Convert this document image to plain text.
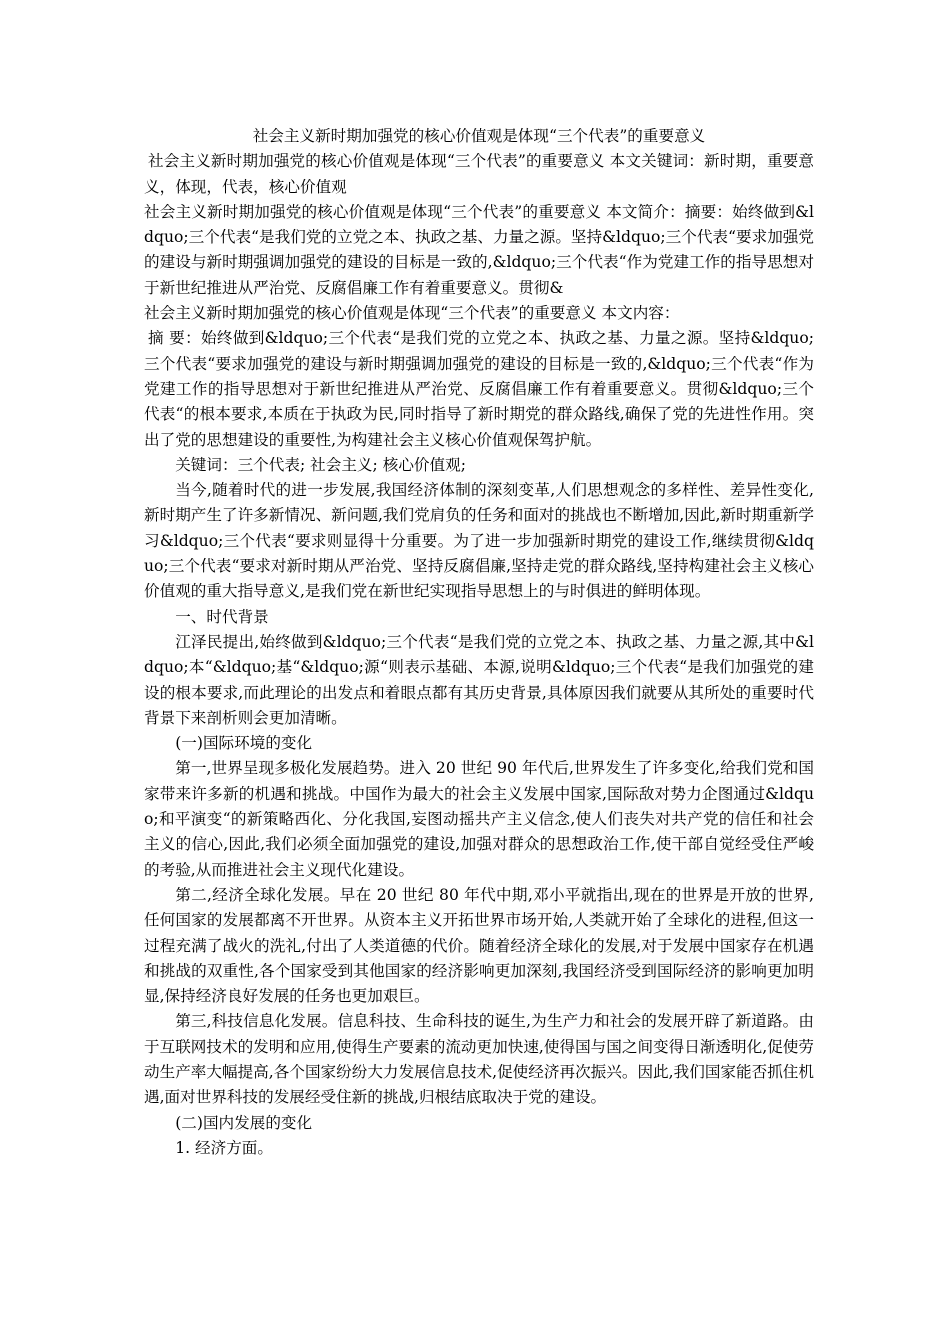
社会主义新时期加强党的核心价值观是体现“三个代表”的重要意义

社会主义新时期加强党的核心价值观是体现“三个代表”的重要意义 本文关键词：新时期，重要意义，体现，代表，核心价值观

社会主义新时期加强党的核心价值观是体现“三个代表”的重要意义 本文简介：摘要：始终做到&ldquo;三个代表“是我们党的立党之本、执政之基、力量之源。坚持&ldquo;三个代表“要求加强党的建设与新时期强调加强党的建设的目标是一致的,&ldquo;三个代表“作为党建工作的指导思想对于新世纪推进从严治党、反腐倡廉工作有着重要意义。贯彻&

社会主义新时期加强党的核心价值观是体现“三个代表”的重要意义 本文内容：

摘 要：始终做到&ldquo;三个代表“是我们党的立党之本、执政之基、力量之源。坚持&ldquo;三个代表“要求加强党的建设与新时期强调加强党的建设的目标是一致的,&ldquo;三个代表“作为党建工作的指导思想对于新世纪推进从严治党、反腐倡廉工作有着重要意义。贯彻&ldquo;三个代表“的根本要求,本质在于执政为民,同时指导了新时期党的群众路线,确保了党的先进性作用。突出了党的思想建设的重要性,为构建社会主义核心价值观保驾护航。

关键词：三个代表; 社会主义; 核心价值观;

当今,随着时代的进一步发展,我国经济体制的深刻变革,人们思想观念的多样性、差异性变化,新时期产生了许多新情况、新问题,我们党肩负的任务和面对的挑战也不断增加,因此,新时期重新学习&ldquo;三个代表“要求则显得十分重要。为了进一步加强新时期党的建设工作,继续贯彻&ldquo;三个代表“要求对新时期从严治党、坚持反腐倡廉,坚持走党的群众路线,坚持构建社会主义核心价值观的重大指导意义,是我们党在新世纪实现指导思想上的与时俱进的鲜明体现。

一、时代背景

江泽民提出,始终做到&ldquo;三个代表“是我们党的立党之本、执政之基、力量之源,其中&ldquo;本“&ldquo;基“&ldquo;源“则表示基础、本源,说明&ldquo;三个代表“是我们加强党的建设的根本要求,而此理论的出发点和着眼点都有其历史背景,具体原因我们就要从其所处的重要时代背景下来剖析则会更加清晰。

(一)国际环境的变化

第一,世界呈现多极化发展趋势。进入 20 世纪 90 年代后,世界发生了许多变化,给我们党和国家带来许多新的机遇和挑战。中国作为最大的社会主义发展中国家,国际敌对势力企图通过&ldquo;和平演变“的新策略西化、分化我国,妄图动摇共产主义信念,使人们丧失对共产党的信任和社会主义的信心,因此,我们必须全面加强党的建设,加强对群众的思想政治工作,使干部自觉经受住严峻的考验,从而推进社会主义现代化建设。

第二,经济全球化发展。早在 20 世纪 80 年代中期,邓小平就指出,现在的世界是开放的世界,任何国家的发展都离不开世界。从资本主义开拓世界市场开始,人类就开始了全球化的进程,但这一过程充满了战火的洗礼,付出了人类道德的代价。随着经济全球化的发展,对于发展中国家存在机遇和挑战的双重性,各个国家受到其他国家的经济影响更加深刻,我国经济受到国际经济的影响更加明显,保持经济良好发展的任务也更加艰巨。

第三,科技信息化发展。信息科技、生命科技的诞生,为生产力和社会的发展开辟了新道路。由于互联网技术的发明和应用,使得生产要素的流动更加快速,使得国与国之间变得日渐透明化,促使劳动生产率大幅提高,各个国家纷纷大力发展信息技术,促使经济再次振兴。因此,我们国家能否抓住机遇,面对世界科技的发展经受住新的挑战,归根结底取决于党的建设。

(二)国内发展的变化

1. 经济方面。
